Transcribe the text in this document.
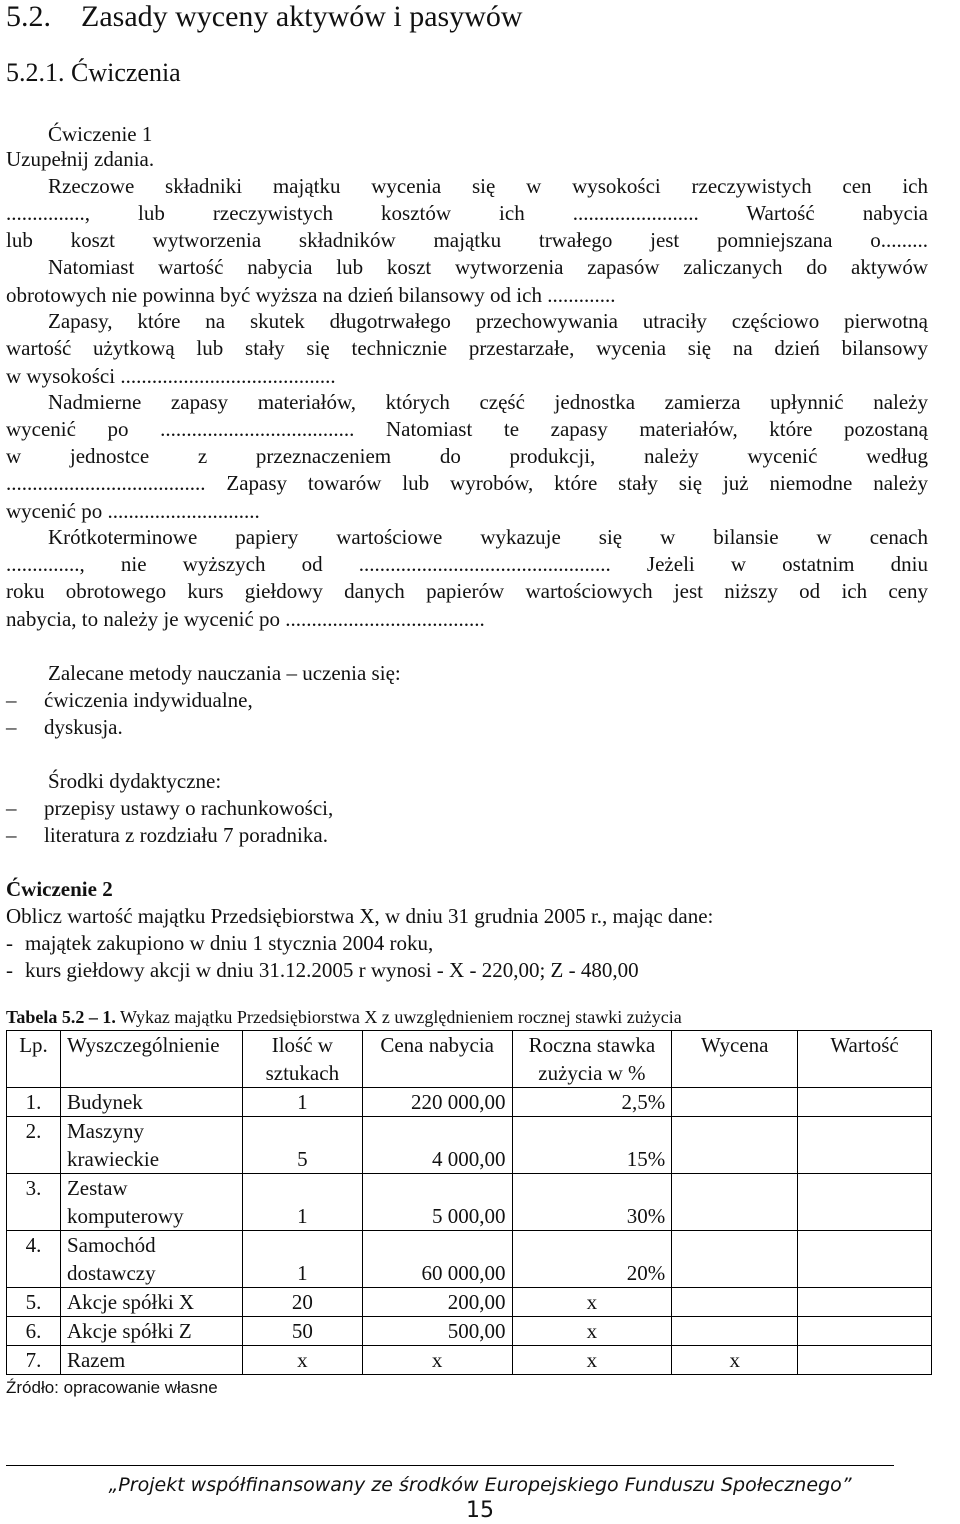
5.2. Zasady wyceny aktywów i pasywów
5.2.1. Ćwiczenia
Ćwiczenie 1
Uzupełnij zdania.
Rzeczowe składniki majątku wycenia się w wysokości rzeczywistych cen ich
..............., lub rzeczywistych kosztów ich ........................ Wartość nabycia
lub koszt wytworzenia składników majątku trwałego jest pomniejszana o.........
Natomiast wartość nabycia lub koszt wytworzenia zapasów zaliczanych do aktywów
obrotowych nie powinna być wyższa na dzień bilansowy od ich .............
Zapasy, które na skutek długotrwałego przechowywania utraciły częściowo pierwotną
wartość użytkową lub stały się technicznie przestarzałe, wycenia się na dzień bilansowy
w wysokości .........................................
Nadmierne zapasy materiałów, których część jednostka zamierza upłynnić należy
wycenić po ..................................... Natomiast te zapasy materiałów, które pozostaną
w jednostce z przeznaczeniem do produkcji, należy wycenić według
...................................... Zapasy towarów lub wyrobów, które stały się już niemodne należy
wycenić po .............................
Krótkoterminowe papiery wartościowe wykazuje się w bilansie w cenach
.............., nie wyższych od ................................................ Jeżeli w ostatnim dniu
roku obrotowego kurs giełdowy danych papierów wartościowych jest niższy od ich ceny
nabycia, to należy je wycenić po ......................................
Zalecane metody nauczania – uczenia się:
– ćwiczenia indywidualne,
– dyskusja.
Środki dydaktyczne:
– przepisy ustawy o rachunkowości,
– literatura z rozdziału 7 poradnika.
Ćwiczenie 2
Oblicz wartość majątku Przedsiębiorstwa X, w dniu 31 grudnia 2005 r., mając dane:
- majątek zakupiono w dniu 1 stycznia 2004 roku,
- kurs giełdowy akcji w dniu 31.12.2005 r wynosi - X - 220,00; Z - 480,00
Tabela 5.2 – 1. Wykaz majątku Przedsiębiorstwa X z uwzględnieniem rocznej stawki zużycia
Lp.	Wyszczególnienie	Ilość w sztukach	Cena nabycia	Roczna stawka zużycia w %	Wycena	Wartość
1.	Budynek	1	220 000,00	2,5%		
2.	Maszyny krawieckie	5	4 000,00	15%		
3.	Zestaw komputerowy	1	5 000,00	30%		
4.	Samochód dostawczy	1	60 000,00	20%		
5.	Akcje spółki X	20	200,00	x		
6.	Akcje spółki Z	50	500,00	x		
7.	Razem	x	x	x	x	
Źródło: opracowanie własne
„Projekt współfinansowany ze środków Europejskiego Funduszu Społecznego”
15
